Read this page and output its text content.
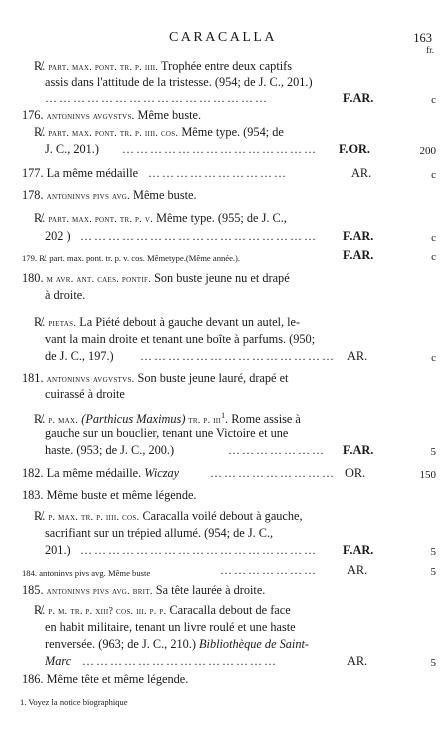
CARACALLA	163
fr.
R̸. part. max. pont. tr. p. iiii. Trophée entre deux captifs
assis dans l'attitude de la tristesse. (954; de J. C., 201.)
…………………………………………	F.AR.	c
176. antoninvs avgvstvs. Même buste.
R̸. part. max. pont. tr. p. iiii. cos. Même type. (954; de
J. C., 201.) ……………………………………	F.OR.	200
177. La même médaille …………………………	AR.	c
178. antoninvs pivs avg. Même buste.
R̸. part. max. pont. tr. p. v. Même type. (955; de J. C.,
202 ) ……………………………………………	F.AR.	c
179. R̸. part. max. pont. tr. p. v. cos. Mêmetype.(Même année.).	F.AR.	c
180. m avr. ant. caes. pontif. Son buste jeune nu et drapé
à droite.
R̸. pietas. La Piété debout à gauche devant un autel, le-
vant la main droite et tenant une boîte à parfums. (950;
de J. C., 197.) …………………………………… AR.	c
181. antoninvs avgvstvs. Son buste jeune lauré, drapé et
cuirassé à droite
R̸. p. max. (Parthicus Maximus) tr. p. iii$^1$. Rome assise à
gauche sur un bouclier, tenant une Victoire et une
haste. (953; de J. C., 200.)	…………………	F.AR.	5
182. La même médaille. Wiczay	……………………… OR.	150
183. Même buste et même légende.
R̸. p. max. tr. p. iiii. cos. Caracalla voilé debout à gauche,
sacrifiant sur un trépied allumé. (954; de J. C.,
201.) ……………………………………………	F.AR.	5
184. antoninvs pivs avg. Même buste	…………………	AR.	5
185. antoninvs pivs avg. brit. Sa tête laurée à droite.
R̸. p. m. tr. p. xiii? cos. iii. p. p. Caracalla debout de face
en habit militaire, tenant un livre roulé et une haste
renversée. (963; de J. C., 210.) Bibliothèque de Saint-
Marc ……………………………………	AR.	5
186. Même tête et même légende.
1. Voyez la notice biographique
